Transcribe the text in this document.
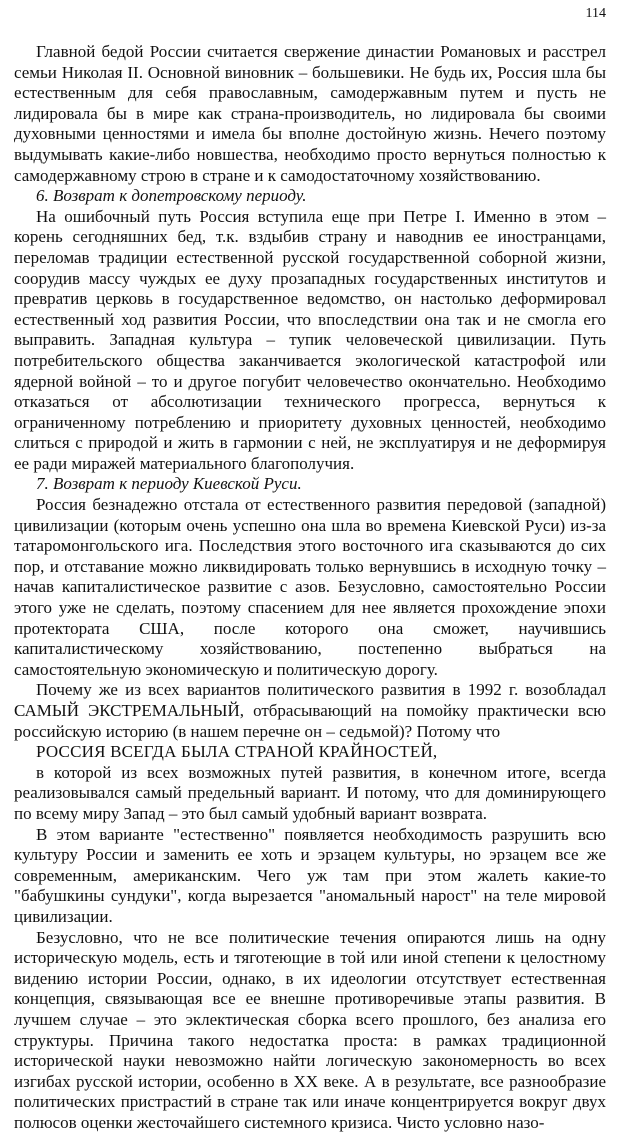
114

Главной бедой России считается свержение династии Романовых и расстрел семьи Николая II. Основной виновник – большевики. Не будь их, Россия шла бы естественным для себя православным, самодержавным путем и пусть не лидировала бы в мире как страна-производитель, но лидировала бы своими духовными ценностями и имела бы вполне достойную жизнь. Нечего поэтому выдумывать какие-либо новшества, необходимо просто вернуться полностью к самодержавному строю в стране и к самодостаточному хозяйствованию.

6. Возврат к допетровскому периоду.

На ошибочный путь Россия вступила еще при Петре I. Именно в этом – корень сегодняшних бед, т.к. вздыбив страну и наводнив ее иностранцами, переломав традиции естественной русской государственной соборной жизни, соорудив массу чуждых ее духу прозападных государственных институтов и превратив церковь в государственное ведомство, он настолько деформировал естественный ход развития России, что впоследствии она так и не смогла его выправить. Западная культура – тупик человеческой цивилизации. Путь потребительского общества заканчивается экологической катастрофой или ядерной войной – то и другое погубит человечество окончательно. Необходимо отказаться от абсолютизации технического прогресса, вернуться к ограниченному потреблению и приоритету духовных ценностей, необходимо слиться с природой и жить в гармонии с ней, не эксплуатируя и не деформируя ее ради миражей материального благополучия.

7. Возврат к периоду Киевской Руси.

Россия безнадежно отстала от естественного развития передовой (западной) цивилизации (которым очень успешно она шла во времена Киевской Руси) из-за татаромонгольского ига. Последствия этого восточного ига сказываются до сих пор, и отставание можно ликвидировать только вернувшись в исходную точку – начав капиталистическое развитие с азов. Безусловно, самостоятельно России этого уже не сделать, поэтому спасением для нее является прохождение эпохи протектората США, после которого она сможет, научившись капиталистическому хозяйствованию, постепенно выбраться на самостоятельную экономическую и политическую дорогу.

Почему же из всех вариантов политического развития в 1992 г. возобладал САМЫЙ ЭКСТРЕМАЛЬНЫЙ, отбрасывающий на помойку практически всю российскую историю (в нашем перечне он – седьмой)? Потому что

РОССИЯ ВСЕГДА БЫЛА СТРАНОЙ КРАЙНОСТЕЙ,

в которой из всех возможных путей развития, в конечном итоге, всегда реализовывался самый предельный вариант. И потому, что для доминирующего по всему миру Запад – это был самый удобный вариант возврата.

В этом варианте "естественно" появляется необходимость разрушить всю культуру России и заменить ее хоть и эрзацем культуры, но эрзацем все же современным, американским. Чего уж там при этом жалеть какие-то "бабушкины сундуки", когда вырезается "аномальный нарост" на теле мировой цивилизации.

Безусловно, что не все политические течения опираются лишь на одну историческую модель, есть и тяготеющие в той или иной степени к целостному видению истории России, однако, в их идеологии отсутствует естественная концепция, связывающая все ее внешне противоречивые этапы развития. В лучшем случае – это эклектическая сборка всего прошлого, без анализа его структуры. Причина такого недостатка проста: в рамках традиционной исторической науки невозможно найти логическую закономерность во всех изгибах русской истории, особенно в XX веке. А в результате, все разнообразие политических пристрастий в стране так или иначе концентрируется вокруг двух полюсов оценки жесточайшего системного кризиса. Чисто условно назо-
